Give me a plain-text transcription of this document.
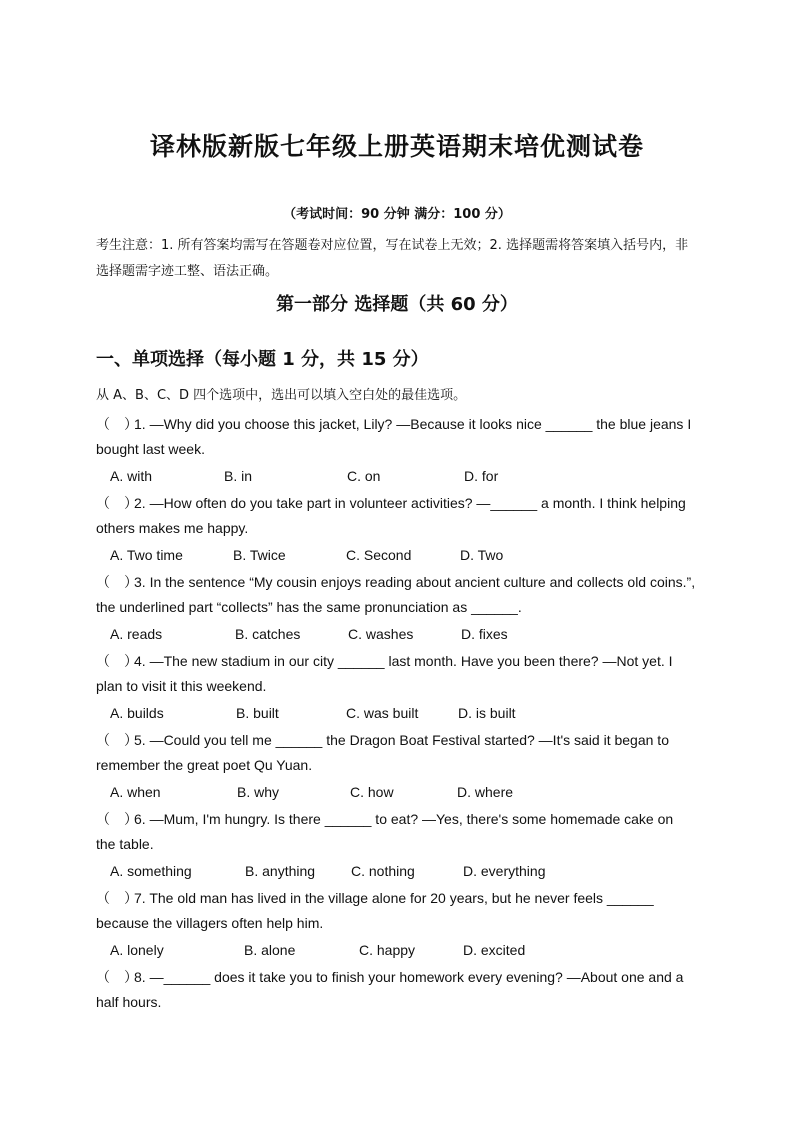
译林版新版七年级上册英语期末培优测试卷
（考试时间：90 分钟 满分：100 分）
考生注意：1. 所有答案均需写在答题卷对应位置，写在试卷上无效；2. 选择题需将答案填入括号内，非选择题需字迹工整、语法正确。
第一部分 选择题（共 60 分）
一、单项选择（每小题 1 分，共 15 分）
从 A、B、C、D 四个选项中，选出可以填入空白处的最佳选项。

（　）1. —Why did you choose this jacket, Lily? —Because it looks nice ______ the blue jeans I bought last week.

A. with	B. in	C. on	D. for

（　）2. —How often do you take part in volunteer activities? —______ a month. I think helping others makes me happy.

A. Two time	B. Twice	C. Second	D. Two

（　）3. In the sentence “My cousin enjoys reading about ancient culture and collects old coins.”, the underlined part “collects” has the same pronunciation as ______.

A. reads	B. catches	C. washes	D. fixes

（　）4. —The new stadium in our city ______ last month. Have you been there? —Not yet. I plan to visit it this weekend.

A. builds	B. built	C. was built	D. is built

（　）5. —Could you tell me ______ the Dragon Boat Festival started? —It's said it began to remember the great poet Qu Yuan.

A. when	B. why	C. how	D. where

（　）6. —Mum, I'm hungry. Is there ______ to eat? —Yes, there's some homemade cake on the table.

A. something	B. anything	C. nothing	D. everything

（　）7. The old man has lived in the village alone for 20 years, but he never feels ______ because the villagers often help him.

A. lonely	B. alone	C. happy	D. excited

（　）8. —______ does it take you to finish your homework every evening? —About one and a half hours.
